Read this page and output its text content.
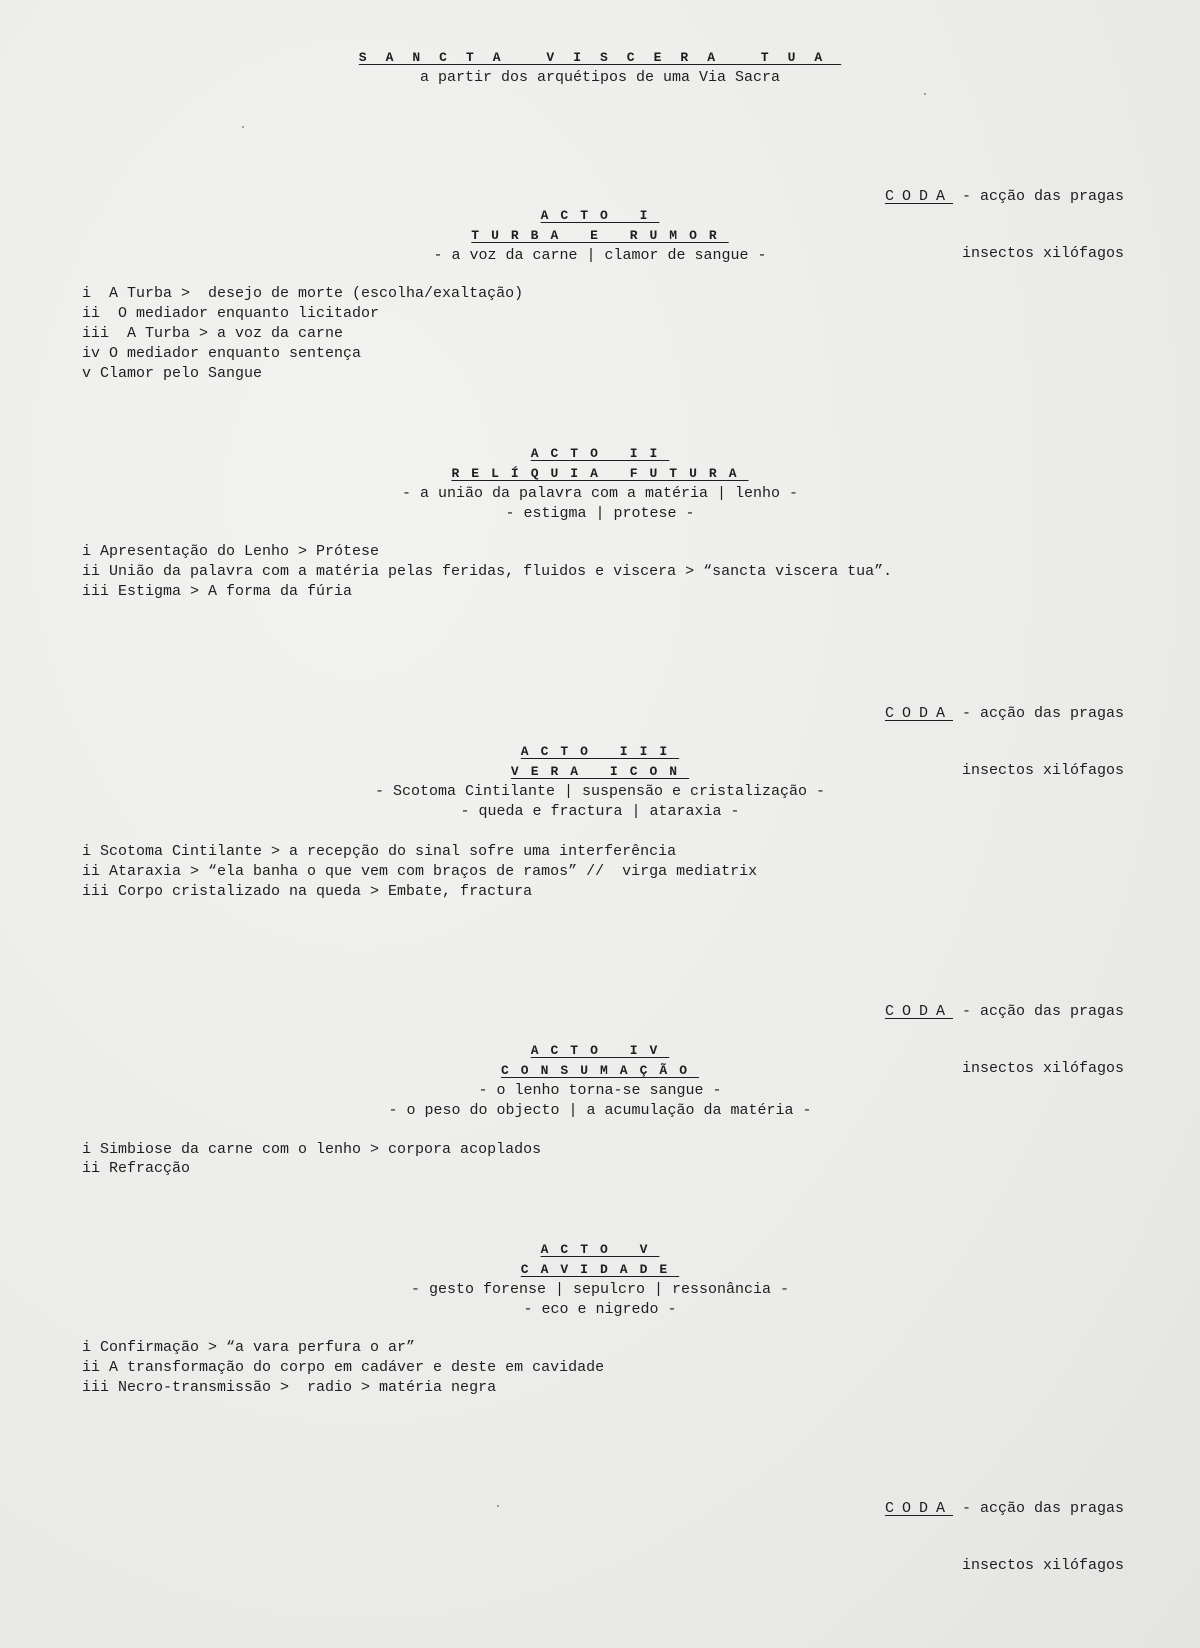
SANCTA VISCERA TUA
a partir dos arquétipos de uma Via Sacra

CODA - acção das pragas

insectos xilófagos

ACTO I
TURBA E RUMOR
- a voz da carne | clamor de sangue -
i  A Turba >  desejo de morte (escolha/exaltação)
ii  O mediador enquanto licitador
iii  A Turba > a voz da carne
iv O mediador enquanto sentença
v Clamor pelo Sangue
ACTO II
RELÍQUIA FUTURA
- a união da palavra com a matéria | lenho -
- estigma | protese -
i Apresentação do Lenho > Prótese
ii União da palavra com a matéria pelas feridas, fluidos e viscera > “sancta viscera tua”.
iii Estigma > A forma da fúria

CODA - acção das pragas

insectos xilófagos

ACTO III
VERA ICON
- Scotoma Cintilante | suspensão e cristalização -
- queda e fractura | ataraxia -
i Scotoma Cintilante > a recepção do sinal sofre uma interferência
ii Ataraxia > “ela banha o que vem com braços de ramos” //  virga mediatrix
iii Corpo cristalizado na queda > Embate, fractura

CODA - acção das pragas

insectos xilófagos

ACTO IV
CONSUMAÇÃO
- o lenho torna-se sangue -
- o peso do objecto | a acumulação da matéria -
i Simbiose da carne com o lenho > corpora acoplados
ii Refracção
ACTO V
CAVIDADE
- gesto forense | sepulcro | ressonância -
- eco e nigredo -
i Confirmação > “a vara perfura o ar”
ii A transformação do corpo em cadáver e deste em cavidade
iii Necro-transmissão >  radio > matéria negra

CODA - acção das pragas

insectos xilófagos
